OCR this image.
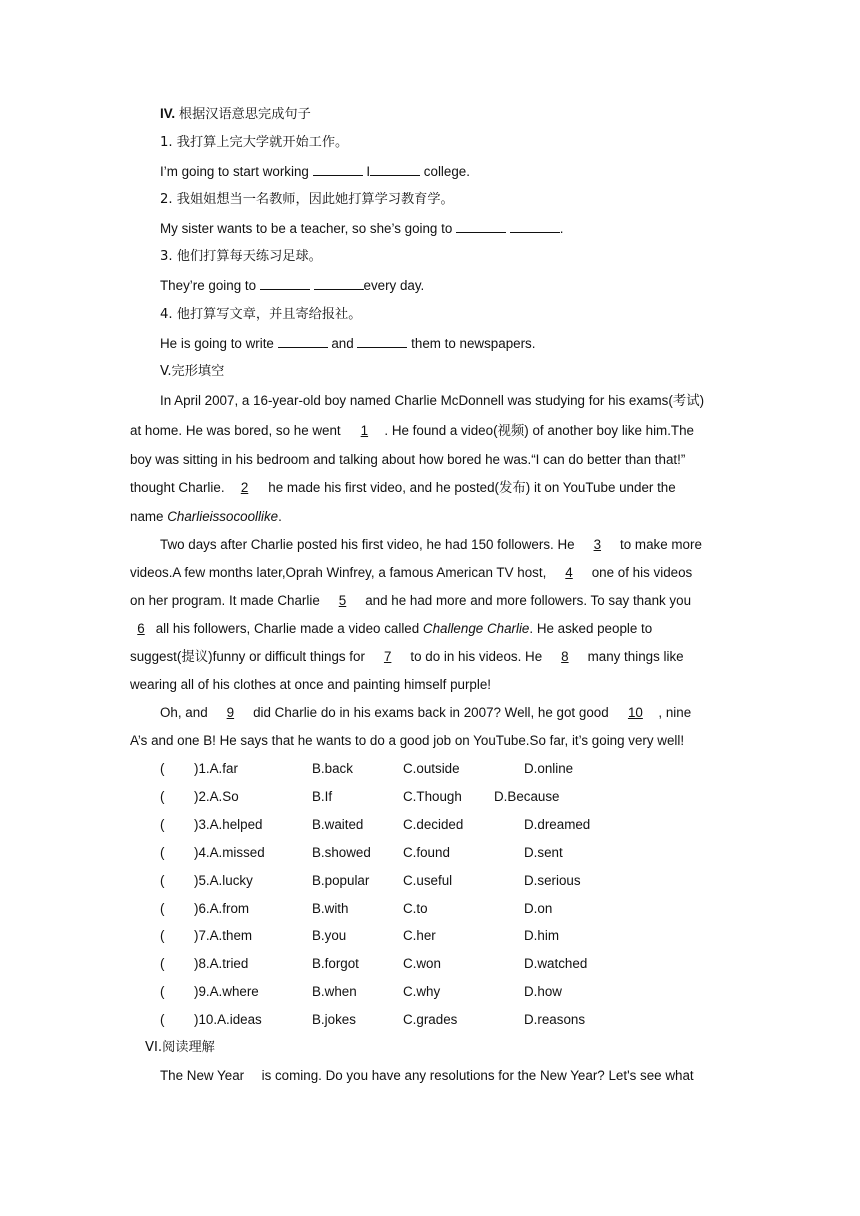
IV. 根据汉语意思完成句子
1. 我打算上完大学就开始工作。
I’m going to start working	I	college.
2. 我姐姐想当一名教师，因此她打算学习教育学。
My sister wants to be a teacher, so she’s going to	.
3. 他们打算每天练习足球。
They’re going to	every day.
4. 他打算写文章，并且寄给报社。
He is going to write	and	them to newspapers.
V.完形填空
In April 2007, a 16-year-old boy named Charlie McDonnell was studying for his exams(考试)
at home. He was bored, so he went 1 . He found a video(视频) of another boy like him.The
boy was sitting in his bedroom and talking about how bored he was.“I can do better than that!”
thought Charlie. 2 he made his first video, and he posted(发布) it on YouTube under the
name Charlieissocoollike.
Two days after Charlie posted his first video, he had 150 followers. He 3 to make more
videos.A few months later,Oprah Winfrey, a famous American TV host, 4 one of his videos
on her program. It made Charlie 5 and he had more and more followers. To say thank you
6 all his followers, Charlie made a video called Challenge Charlie. He asked people to
suggest(提议)funny or difficult things for 7 to do in his videos. He 8 many things like
wearing all of his clothes at once and painting himself purple!
Oh, and 9 did Charlie do in his exams back in 2007? Well, he got good 10 , nine
A’s and one B! He says that he wants to do a good job on YouTube.So far, it’s going very well!
( )1.A.far	B.back	C.outside	D.online
( )2.A.So	B.If	C.Though D.Because
( )3.A.helped	B.waited	C.decided	D.dreamed
( )4.A.missed	B.showed C.found	D.sent
( )5.A.lucky	B.popular	C.useful	D.serious
( )6.A.from	B.with	C.to	D.on
( )7.A.them	B.you	C.her	D.him
( )8.A.tried	B.forgot	C.won	D.watched
( )9.A.where	B.when	C.why	D.how
( )10.A.ideas	B.jokes	C.grades	D.reasons
VI.阅读理解
The New Year is coming. Do you have any resolutions for the New Year? Let's see what
